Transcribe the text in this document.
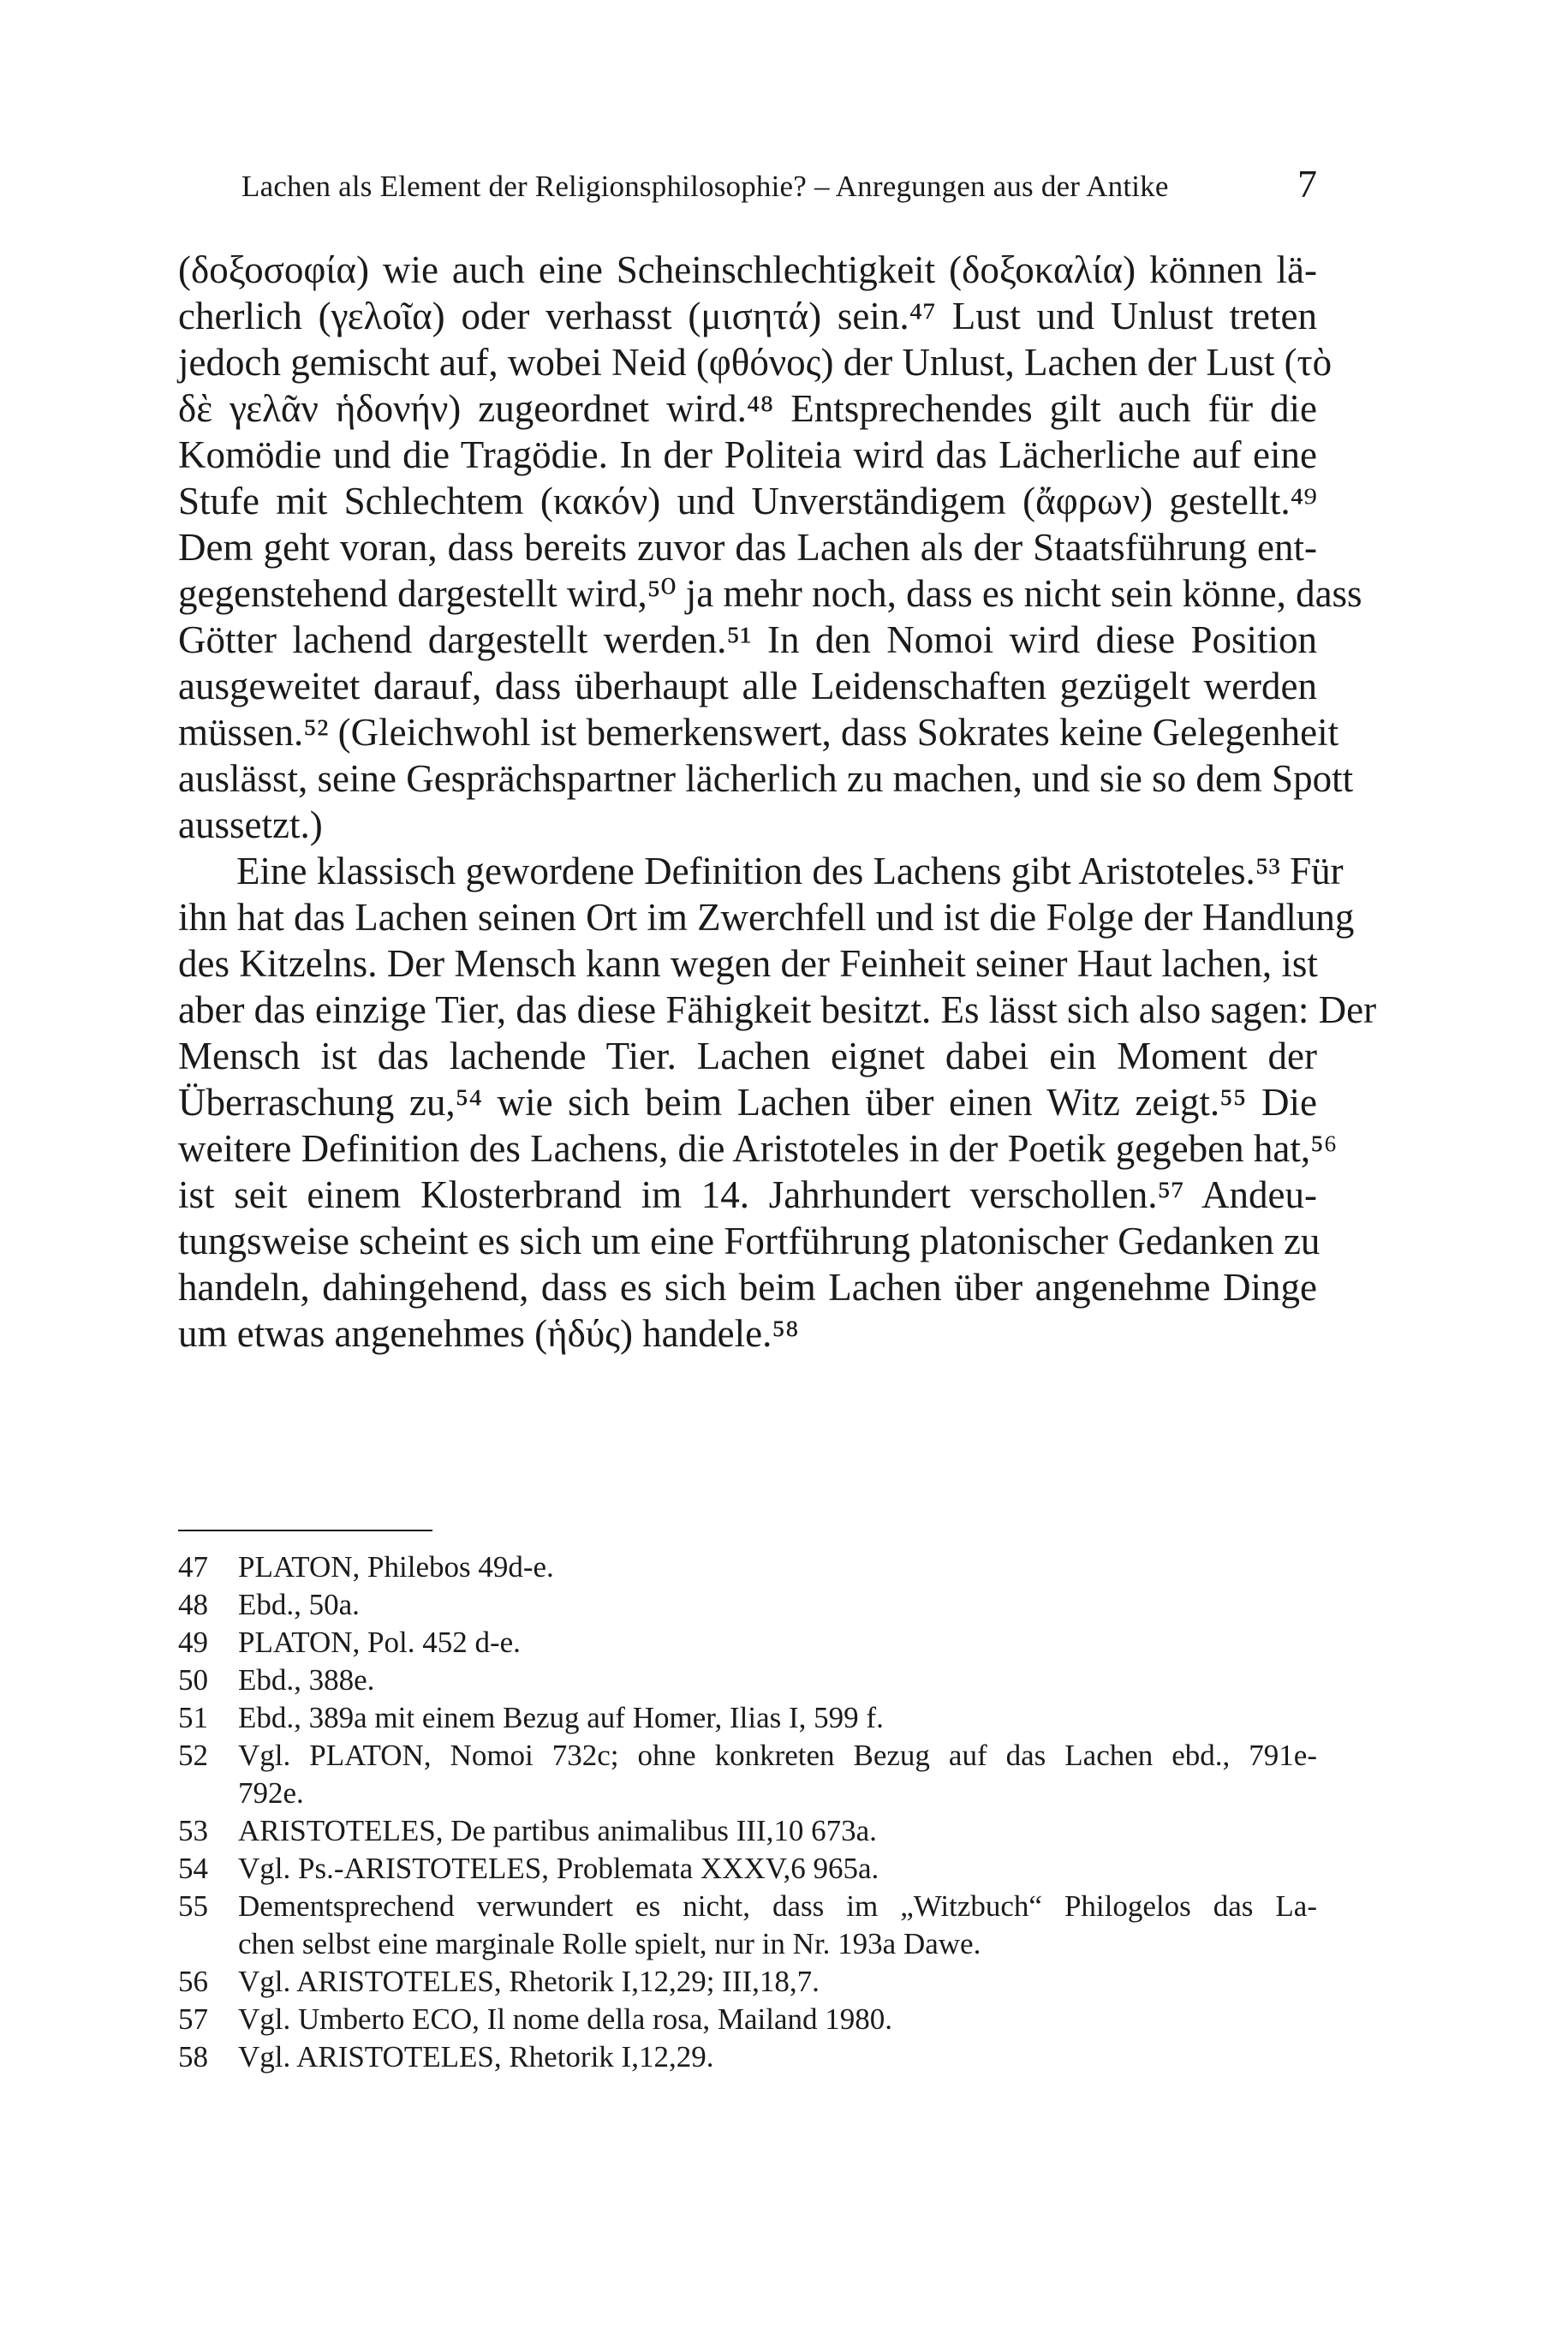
Lachen als Element der Religionsphilosophie? – Anregungen aus der Antike	7
(δοξοσοφία) wie auch eine Scheinschlechtigkeit (δοξοκαλία) können lä-
cherlich (γελοῖα) oder verhasst (μισητά) sein.⁴⁷ Lust und Unlust treten
jedoch gemischt auf, wobei Neid (φθόνος) der Unlust, Lachen der Lust (τὸ
δὲ γελᾶν ἡδονήν) zugeordnet wird.⁴⁸ Entsprechendes gilt auch für die
Komödie und die Tragödie. In der Politeia wird das Lächerliche auf eine
Stufe mit Schlechtem (κακόν) und Unverständigem (ἄφρων) gestellt.⁴⁹
Dem geht voran, dass bereits zuvor das Lachen als der Staatsführung ent-
gegenstehend dargestellt wird,⁵⁰ ja mehr noch, dass es nicht sein könne, dass
Götter lachend dargestellt werden.⁵¹ In den Nomoi wird diese Position
ausgeweitet darauf, dass überhaupt alle Leidenschaften gezügelt werden
müssen.⁵² (Gleichwohl ist bemerkenswert, dass Sokrates keine Gelegenheit
auslässt, seine Gesprächspartner lächerlich zu machen, und sie so dem Spott
aussetzt.)
Eine klassisch gewordene Definition des Lachens gibt Aristoteles.⁵³ Für
ihn hat das Lachen seinen Ort im Zwerchfell und ist die Folge der Handlung
des Kitzelns. Der Mensch kann wegen der Feinheit seiner Haut lachen, ist
aber das einzige Tier, das diese Fähigkeit besitzt. Es lässt sich also sagen: Der
Mensch ist das lachende Tier. Lachen eignet dabei ein Moment der
Überraschung zu,⁵⁴ wie sich beim Lachen über einen Witz zeigt.⁵⁵ Die
weitere Definition des Lachens, die Aristoteles in der Poetik gegeben hat,⁵⁶
ist seit einem Klosterbrand im 14. Jahrhundert verschollen.⁵⁷ Andeu-
tungsweise scheint es sich um eine Fortführung platonischer Gedanken zu
handeln, dahingehend, dass es sich beim Lachen über angenehme Dinge
um etwas angenehmes (ἡδύς) handele.⁵⁸
47	PLATON, Philebos 49d-e.
48	Ebd., 50a.
49	PLATON, Pol. 452 d-e.
50	Ebd., 388e.
51	Ebd., 389a mit einem Bezug auf Homer, Ilias I, 599 f.
52	Vgl. PLATON, Nomoi 732c; ohne konkreten Bezug auf das Lachen ebd., 791e-
792e.
53	ARISTOTELES, De partibus animalibus III,10 673a.
54	Vgl. Ps.-ARISTOTELES, Problemata XXXV,6 965a.
55	Dementsprechend verwundert es nicht, dass im „Witzbuch“ Philogelos das La-
chen selbst eine marginale Rolle spielt, nur in Nr. 193a Dawe.
56	Vgl. ARISTOTELES, Rhetorik I,12,29; III,18,7.
57	Vgl. Umberto ECO, Il nome della rosa, Mailand 1980.
58	Vgl. ARISTOTELES, Rhetorik I,12,29.
